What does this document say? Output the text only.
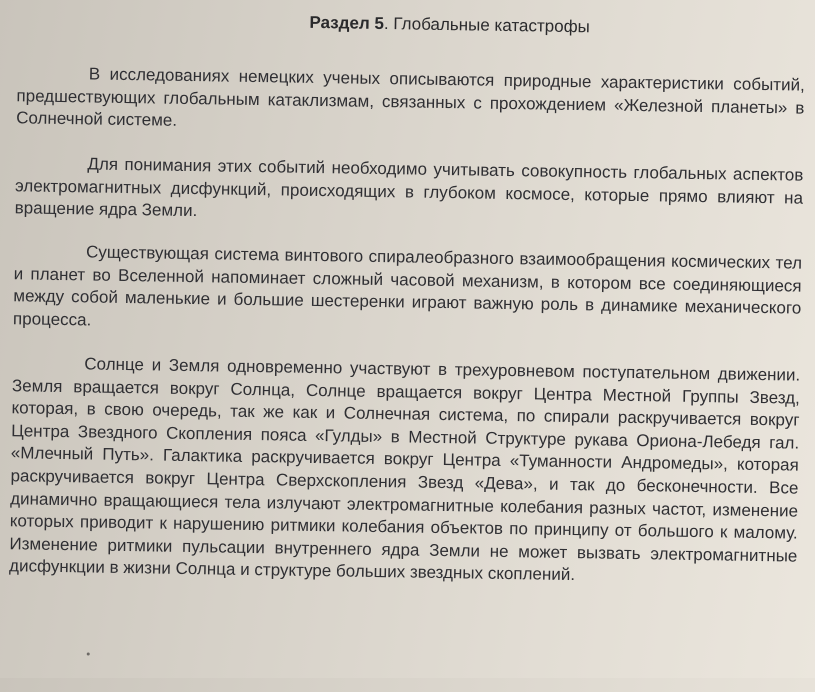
Раздел 5. Глобальные катастрофы

В исследованиях немецких ученых описываются природные характеристики событий, предшествующих глобальным катаклизмам, связанных с прохождением «Железной планеты» в Солнечной системе.

Для понимания этих событий необходимо учитывать совокупность глобальных аспектов электромагнитных дисфункций, происходящих в глубоком космосе, которые прямо влияют на вращение ядра Земли.

Существующая система винтового спиралеобразного взаимообращения космических тел и планет во Вселенной напоминает сложный часовой механизм, в котором все соединяющиеся между собой маленькие и большие шестеренки играют важную роль в динамике механического процесса.

Солнце и Земля одновременно участвуют в трехуровневом поступательном движении. Земля вращается вокруг Солнца, Солнце вращается вокруг Центра Местной Группы Звезд, которая, в свою очередь, так же как и Солнечная система, по спирали раскручивается вокруг Центра Звездного Скопления пояса «Гулды» в Местной Структуре рукава Ориона-Лебедя гал. «Млечный Путь». Галактика раскручивается вокруг Центра «Туманности Андромеды», которая раскручивается вокруг Центра Сверхскопления Звезд «Дева», и так до бесконечности. Все динамично вращающиеся тела излучают электромагнитные колебания разных частот, изменение которых приводит к нарушению ритмики колебания объектов по принципу от большого к малому. Изменение ритмики пульсации внутреннего ядра Земли не может вызвать электромагнитные дисфункции в жизни Солнца и структуре больших звездных скоплений.
